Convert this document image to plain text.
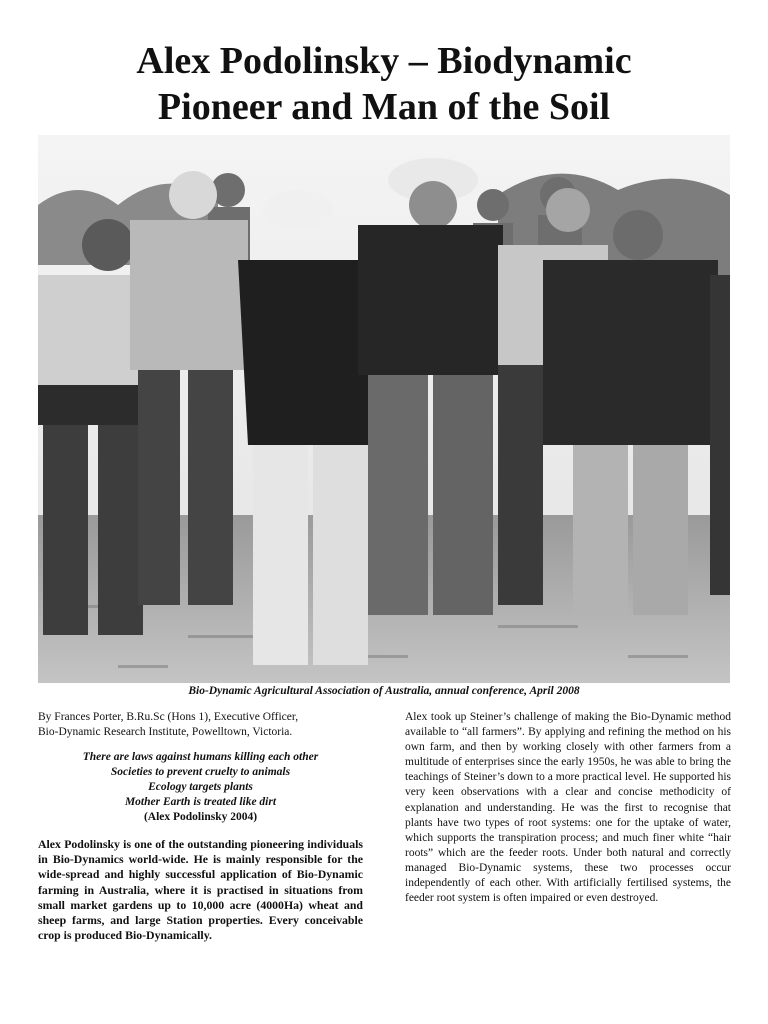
Alex Podolinsky – Biodynamic
Pioneer and Man of the Soil
Bio-Dynamic Agricultural Association of Australia, annual conference, April 2008

By Frances Porter, B.Ru.Sc (Hons 1), Executive Officer,

Bio-Dynamic Research Institute, Powelltown, Victoria.

There are laws against humans killing each other
Societies to prevent cruelty to animals
Ecology targets plants
Mother Earth is treated like dirt
(Alex Podolinsky 2004)

Alex Podolinsky is one of the outstanding pioneering individuals in Bio-Dynamics world-wide. He is mainly responsible for the wide-spread and highly successful application of Bio-Dynamic farming in Australia, where it is practised in situations from small market gardens up to 10,000 acre (4000Ha) wheat and sheep farms, and large Station properties. Every conceivable crop is produced Bio-Dynamically.

Alex took up Steiner’s challenge of making the Bio-Dynamic method available to “all farmers”. By applying and refining the method on his own farm, and then by working closely with other farmers from a multitude of enterprises since the early 1950s, he was able to bring the teachings of Steiner’s down to a more practical level. He supported his very keen observations with a clear and concise methodicity of explanation and understanding. He was the first to recognise that plants have two types of root systems: one for the uptake of water, which supports the transpiration process; and much finer white “hair roots” which are the feeder roots. Under both natural and correctly managed Bio-Dynamic systems, these two processes occur independently of each other. With artificially fertilised systems, the feeder root system is often impaired or even destroyed.
